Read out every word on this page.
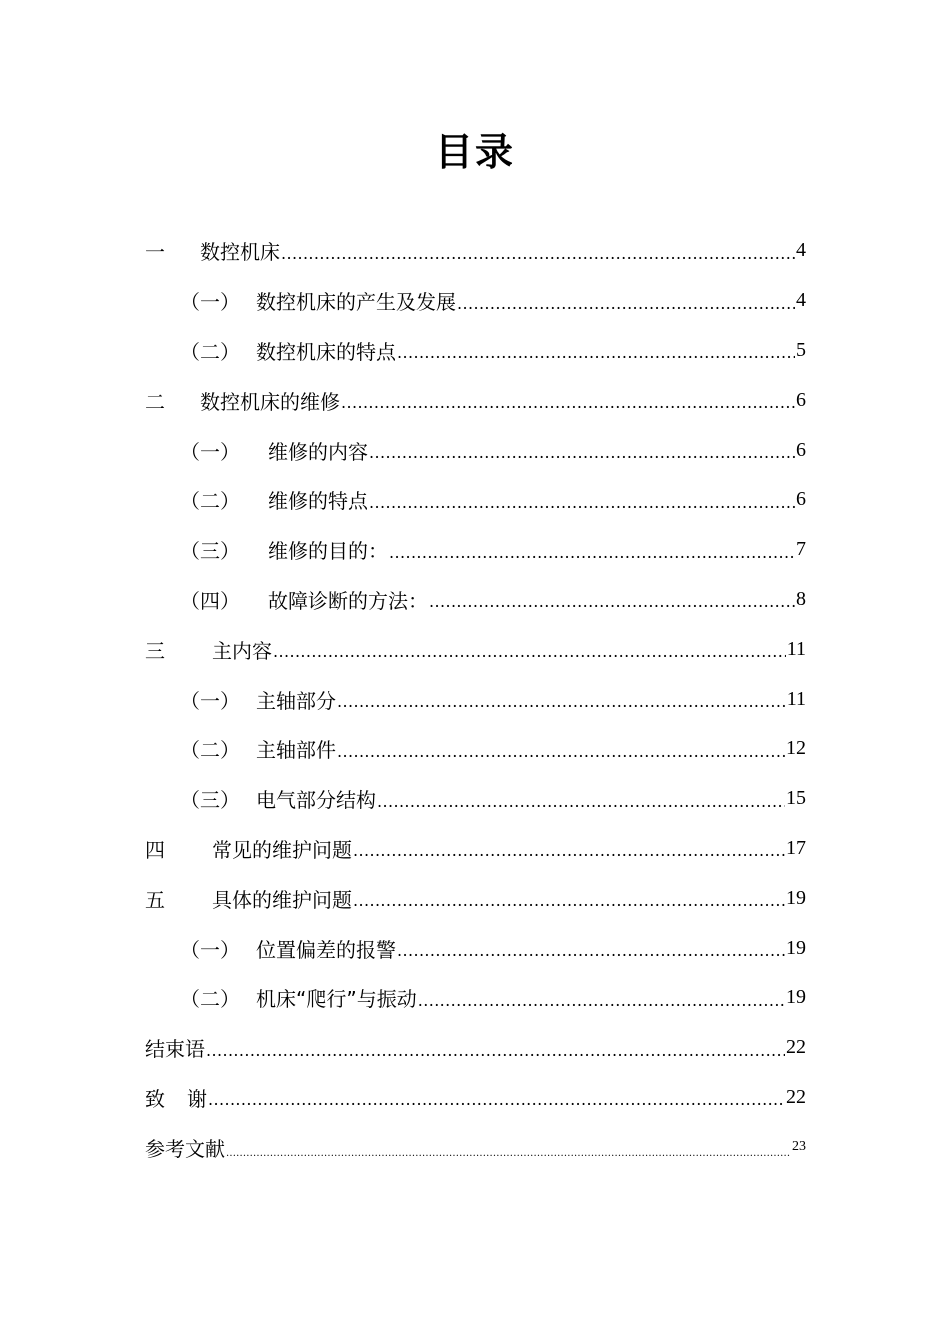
目录
一	数控机床 .....	4
（一） 数控机床的产生及发展 .....	4
（二） 数控机床的特点 .....	5
二	数控机床的维修 .....	6
（一）	维修的内容 .....	6
（二）	维修的特点 .....	6
（三）	维修的目的： .....	7
（四）	故障诊断的方法： .....	8
三	主内容 .....	11
（一） 主轴部分 .....	11
（二） 主轴部件 .....	12
（三） 电气部分结构 .....	15
四	常见的维护问题 .....	17
五	具体的维护问题 .....	19
（一） 位置偏差的报警 .....	19
（二） 机床“爬行”与振动 .....	19
结束语 .....	22
致 谢 .....	22
参考文献 .....	23
